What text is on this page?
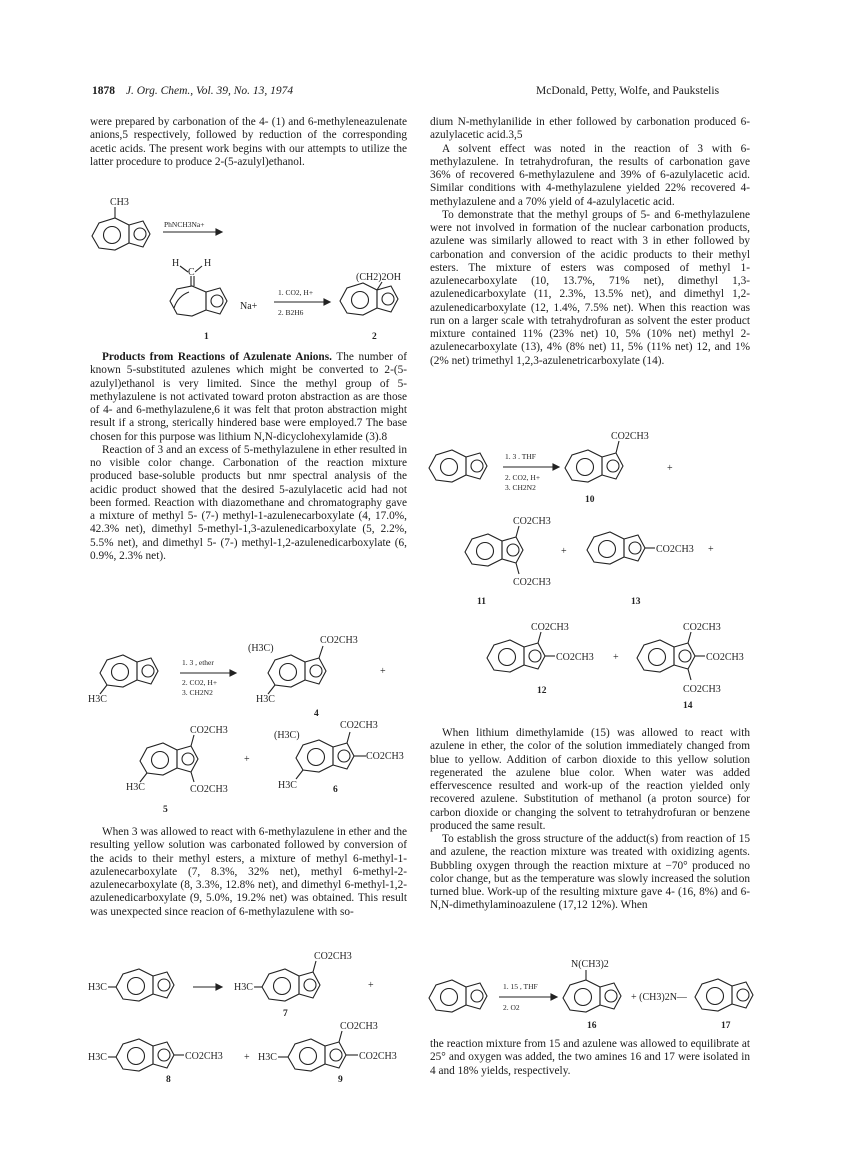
1878 J. Org. Chem., Vol. 39, No. 13, 1974	McDonald, Petty, Wolfe, and Paukstelis

were prepared by carbonation of the 4- (1) and 6-methyleneazulenate anions,5 respectively, followed by reduction of the corresponding acetic acids. The present work begins with our attempts to utilize the latter procedure to produce 2-(5-azulyl)ethanol.

Products from Reactions of Azulenate Anions. The number of known 5-substituted azulenes which might be converted to 2-(5-azulyl)ethanol is very limited. Since the methyl group of 5-methylazulene is not activated toward proton abstraction as are those of 4- and 6-methylazulene,6 it was felt that proton abstraction might result if a strong, sterically hindered base were employed.7 The base chosen for this purpose was lithium N,N-dicyclohexylamide (3).8

Reaction of 3 and an excess of 5-methylazulene in ether resulted in no visible color change. Carbonation of the reaction mixture produced base-soluble products but nmr spectral analysis of the acidic product showed that the desired 5-azulylacetic acid had not been formed. Reaction with diazomethane and chromatography gave a mixture of methyl 5- (7-) methyl-1-azulenecarboxylate (4, 17.0%, 42.3% net), dimethyl 5-methyl-1,3-azulenedicarboxylate (5, 2.2%, 5.5% net), and dimethyl 5- (7-) methyl-1,2-azulenedicarboxylate (6, 0.9%, 2.3% net).

When 3 was allowed to react with 6-methylazulene in ether and the resulting yellow solution was carbonated followed by conversion of the acids to their methyl esters, a mixture of methyl 6-methyl-1-azulenecarboxylate (7, 8.3%, 32% net), methyl 6-methyl-2-azulenecarboxylate (8, 3.3%, 12.8% net), and dimethyl 6-methyl-1,2-azulenedicarboxylate (9, 5.0%, 19.2% net) was obtained. This result was unexpected since reacion of 6-methylazulene with so-

dium N-methylanilide in ether followed by carbonation produced 6-azulylacetic acid.3,5

A solvent effect was noted in the reaction of 3 with 6-methylazulene. In tetrahydrofuran, the results of carbonation gave 36% of recovered 6-methylazulene and 39% of 6-azulylacetic acid. Similar conditions with 4-methylazulene yielded 22% recovered 4-methylazulene and a 70% yield of 4-azulylacetic acid.

To demonstrate that the methyl groups of 5- and 6-methylazulene were not involved in formation of the nuclear carbonation products, azulene was similarly allowed to react with 3 in ether followed by carbonation and conversion of the acidic products to their methyl esters. The mixture of esters was composed of methyl 1-azulenecarboxylate (10, 13.7%, 71% net), dimethyl 1,3-azulenedicarboxylate (11, 2.3%, 13.5% net), and dimethyl 1,2-azulenedicarboxylate (12, 1.4%, 7.5% net). When this reaction was run on a larger scale with tetrahydrofuran as solvent the ester product mixture contained 11% (23% net) 10, 5% (10% net) methyl 2-azulenecarboxylate (13), 4% (8% net) 11, 5% (11% net) 12, and 1% (2% net) trimethyl 1,2,3-azulenetricarboxylate (14).

When lithium dimethylamide (15) was allowed to react with azulene in ether, the color of the solution immediately changed from blue to yellow. Addition of carbon dioxide to this yellow solution regenerated the azulene blue color. When water was added effervescence resulted and work-up of the reaction yielded only recovered azulene. Substitution of methanol (a proton source) for carbon dioxide or changing the solvent to tetrahydrofuran or benzene produced the same result.

To establish the gross structure of the adduct(s) from reaction of 15 and azulene, the reaction mixture was treated with oxidizing agents. Bubbling oxygen through the reaction mixture at −70° produced no color change, but as the temperature was slowly increased the solution turned blue. Work-up of the resulting mixture gave 4- (16, 8%) and 6-N,N-dimethylaminoazulene (17,12 12%). When

the reaction mixture from 15 and azulene was allowed to equilibrate at 25° and oxygen was added, the two amines 16 and 17 were isolated in 4 and 18% yields, respectively.

CH3
PhNCH3Na+
H
C
H
Na+
1. CO2, H+
2. B2H6
(CH2)2OH
1	2
H3C
1. 3 , ether
2. CO2, H+
3. CH2N2
(H3C)
CO2CH3
H3C
+
4
CO2CH3
CO2CH3
H3C
5
+
(H3C)
CO2CH3
CO2CH3
H3C	6
H3C	H3C
CO2CH3
7
+
H3C	CO2CH3
8
+ H3C
CO2CH3
CO2CH3
9
1. 3 . THF
2. CO2, H+
3. CH2N2
CO2CH3
10
+
CO2CH3
CO2CH3
11
+	CO2CH3 +
13
CO2CH3
CO2CH3
12
+
CO2CH3
CO2CH3
CO2CH3
14
1. 15 , THF
2. O2
N(CH3)2
16
+ (CH3)2N—
17
